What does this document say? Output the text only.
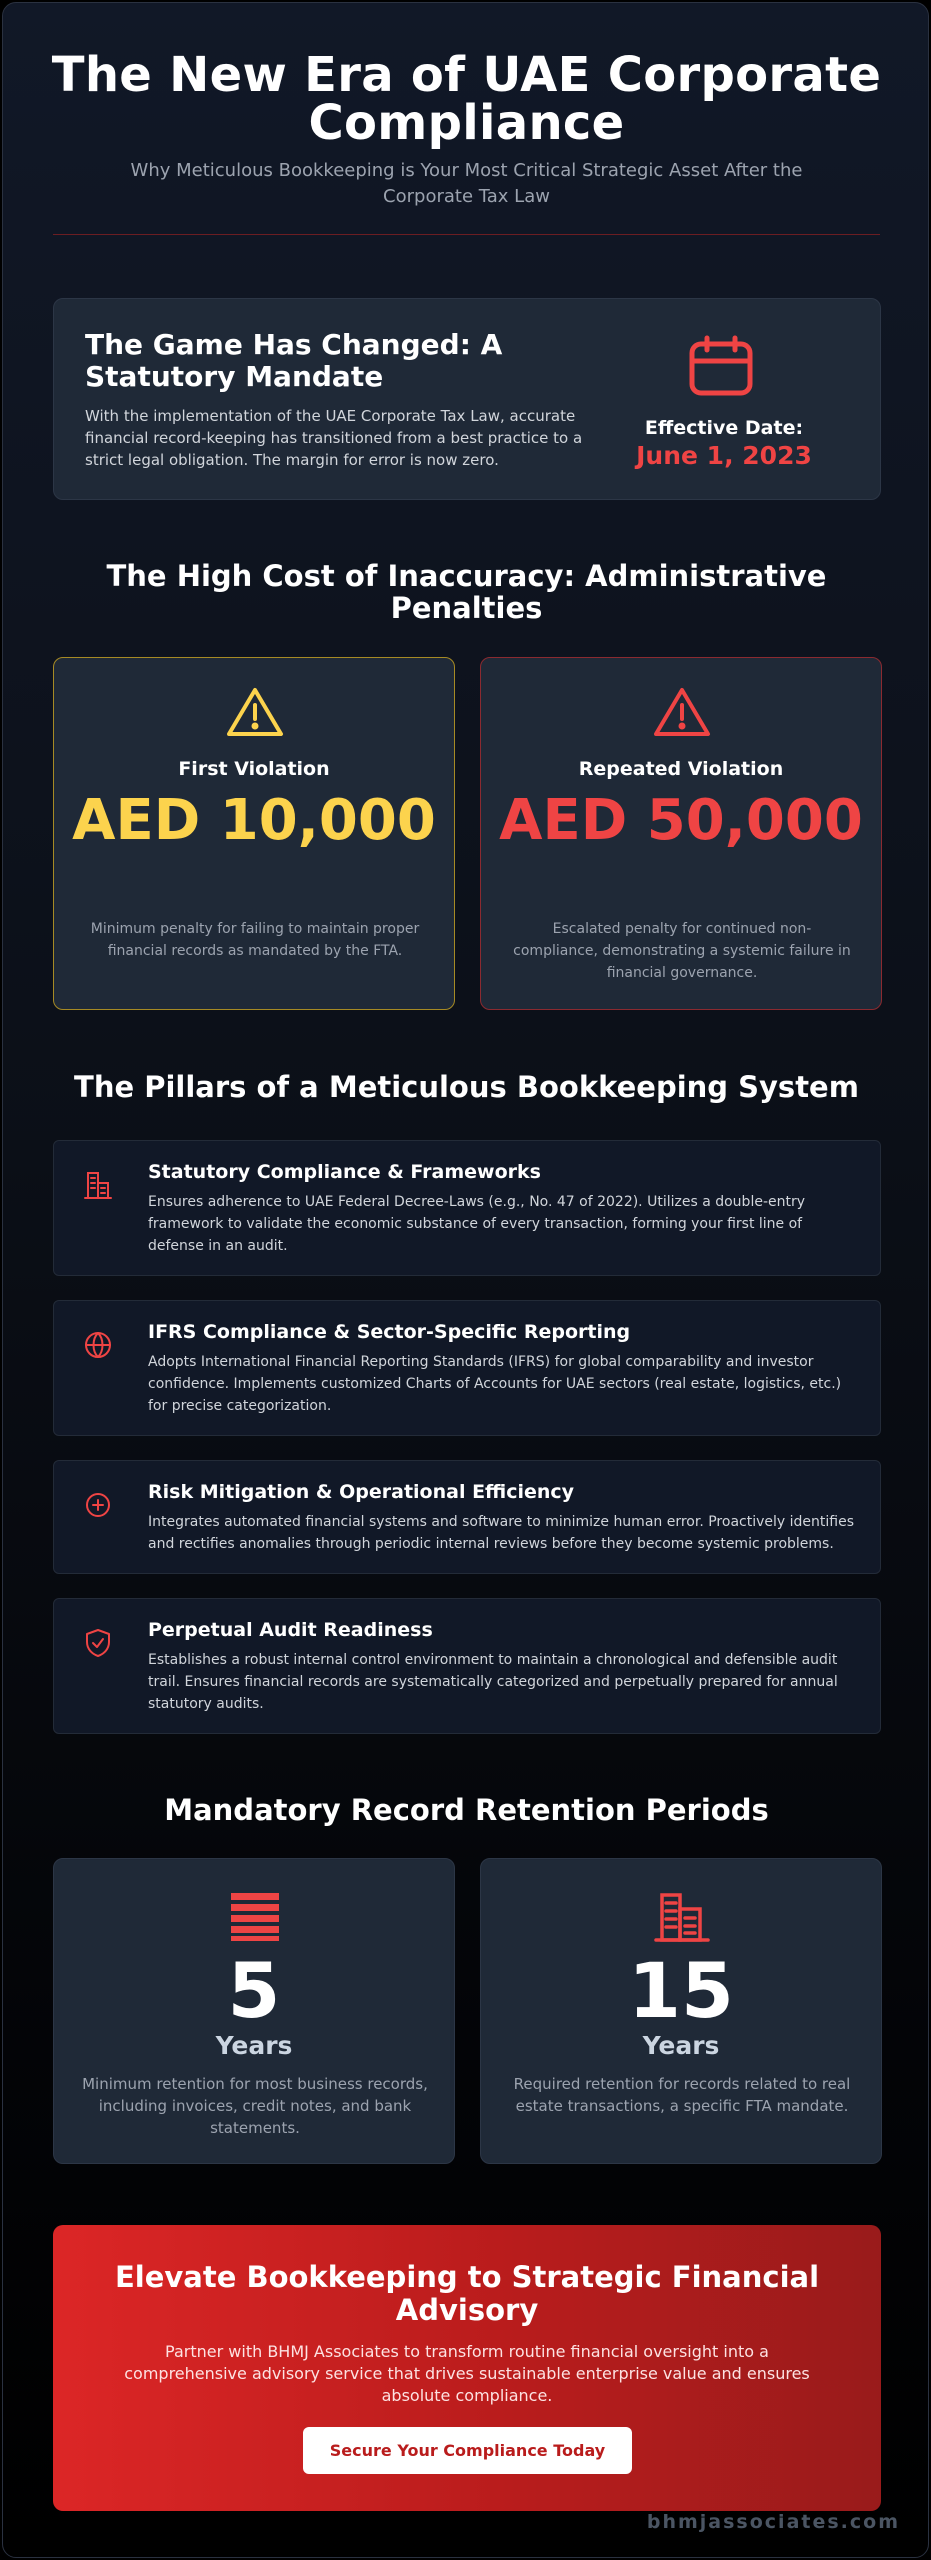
The New Era of UAE Corporate Compliance

Why Meticulous Bookkeeping is Your Most Critical Strategic Asset After the Corporate Tax Law

The Game Has Changed: A Statutory Mandate

With the implementation of the UAE Corporate Tax Law, accurate financial record-keeping has transitioned from a best practice to a strict legal obligation. The margin for error is now zero.

Effective Date:
June 1, 2023
The High Cost of Inaccuracy: Administrative Penalties
First Violation
AED 10,000
Minimum penalty for failing to maintain proper financial records as mandated by the FTA.
Repeated Violation
AED 50,000
Escalated penalty for continued non-compliance, demonstrating a systemic failure in financial governance.
The Pillars of a Meticulous Bookkeeping System
Statutory Compliance & Frameworks

Ensures adherence to UAE Federal Decree-Laws (e.g., No. 47 of 2022). Utilizes a double-entry framework to validate the economic substance of every transaction, forming your first line of defense in an audit.

IFRS Compliance & Sector-Specific Reporting

Adopts International Financial Reporting Standards (IFRS) for global comparability and investor confidence. Implements customized Charts of Accounts for UAE sectors (real estate, logistics, etc.) for precise categorization.

Risk Mitigation & Operational Efficiency

Integrates automated financial systems and software to minimize human error. Proactively identifies and rectifies anomalies through periodic internal reviews before they become systemic problems.

Perpetual Audit Readiness

Establishes a robust internal control environment to maintain a chronological and defensible audit trail. Ensures financial records are systematically categorized and perpetually prepared for annual statutory audits.

Mandatory Record Retention Periods
5
Years
Minimum retention for most business records, including invoices, credit notes, and bank statements.
15
Years
Required retention for records related to real estate transactions, a specific FTA mandate.
Elevate Bookkeeping to Strategic Financial Advisory

Partner with BHMJ Associates to transform routine financial oversight into a comprehensive advisory service that drives sustainable enterprise value and ensures absolute compliance.

Secure Your Compliance Today
bhmjassociates.com
